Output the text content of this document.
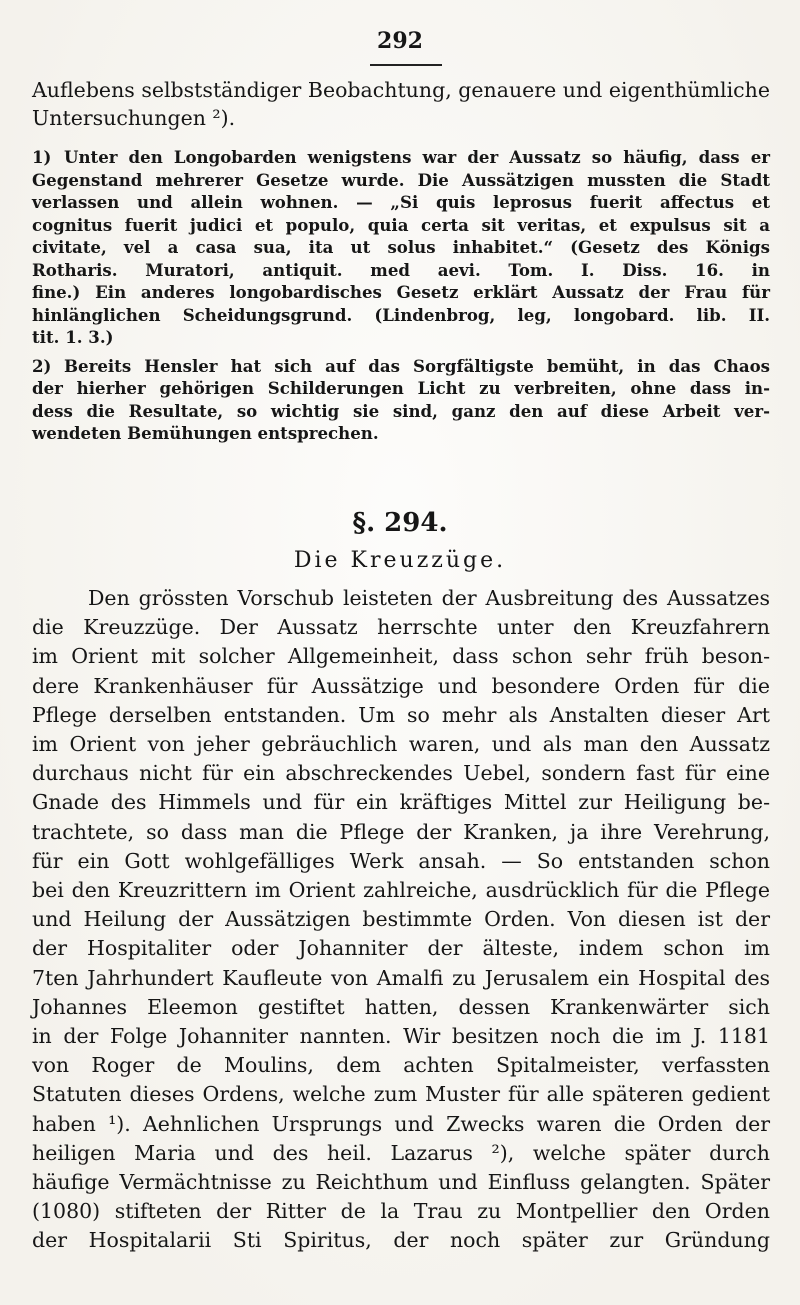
292
Auflebens selbstständiger Beobachtung, genauere und eigenthümliche
Untersuchungen ²).
1) Unter den Longobarden wenigstens war der Aussatz so häufig, dass er
Gegenstand mehrerer Gesetze wurde. Die Aussätzigen mussten die Stadt
verlassen und allein wohnen. — „Si quis leprosus fuerit affectus et
cognitus fuerit judici et populo, quia certa sit veritas, et expulsus sit a
civitate, vel a casa sua, ita ut solus inhabitet.“ (Gesetz des Königs
Rotharis. Muratori, antiquit. med aevi. Tom. I. Diss. 16. in
fine.) Ein anderes longobardisches Gesetz erklärt Aussatz der Frau für
hinlänglichen Scheidungsgrund. (Lindenbrog, leg, longobard. lib. II.
tit. 1. 3.)
2) Bereits Hensler hat sich auf das Sorgfältigste bemüht, in das Chaos
der hierher gehörigen Schilderungen Licht zu verbreiten, ohne dass in-
dess die Resultate, so wichtig sie sind, ganz den auf diese Arbeit ver-
wendeten Bemühungen entsprechen.
§. 294.
Die Kreuzzüge.
Den grössten Vorschub leisteten der Ausbreitung des Aussatzes
die Kreuzzüge. Der Aussatz herrschte unter den Kreuzfahrern
im Orient mit solcher Allgemeinheit, dass schon sehr früh beson-
dere Krankenhäuser für Aussätzige und besondere Orden für die
Pflege derselben entstanden. Um so mehr als Anstalten dieser Art
im Orient von jeher gebräuchlich waren, und als man den Aussatz
durchaus nicht für ein abschreckendes Uebel, sondern fast für eine
Gnade des Himmels und für ein kräftiges Mittel zur Heiligung be-
trachtete, so dass man die Pflege der Kranken, ja ihre Verehrung,
für ein Gott wohlgefälliges Werk ansah. — So entstanden schon
bei den Kreuzrittern im Orient zahlreiche, ausdrücklich für die Pflege
und Heilung der Aussätzigen bestimmte Orden. Von diesen ist der
der Hospitaliter oder Johanniter der älteste, indem schon im
7ten Jahrhundert Kaufleute von Amalfi zu Jerusalem ein Hospital des
Johannes Eleemon gestiftet hatten, dessen Krankenwärter sich
in der Folge Johanniter nannten. Wir besitzen noch die im J. 1181
von Roger de Moulins, dem achten Spitalmeister, verfassten
Statuten dieses Ordens, welche zum Muster für alle späteren gedient
haben ¹). Aehnlichen Ursprungs und Zwecks waren die Orden der
heiligen Maria und des heil. Lazarus ²), welche später durch
häufige Vermächtnisse zu Reichthum und Einfluss gelangten. Später
(1080) stifteten der Ritter de la Trau zu Montpellier den Orden
der Hospitalarii Sti Spiritus, der noch später zur Gründung
